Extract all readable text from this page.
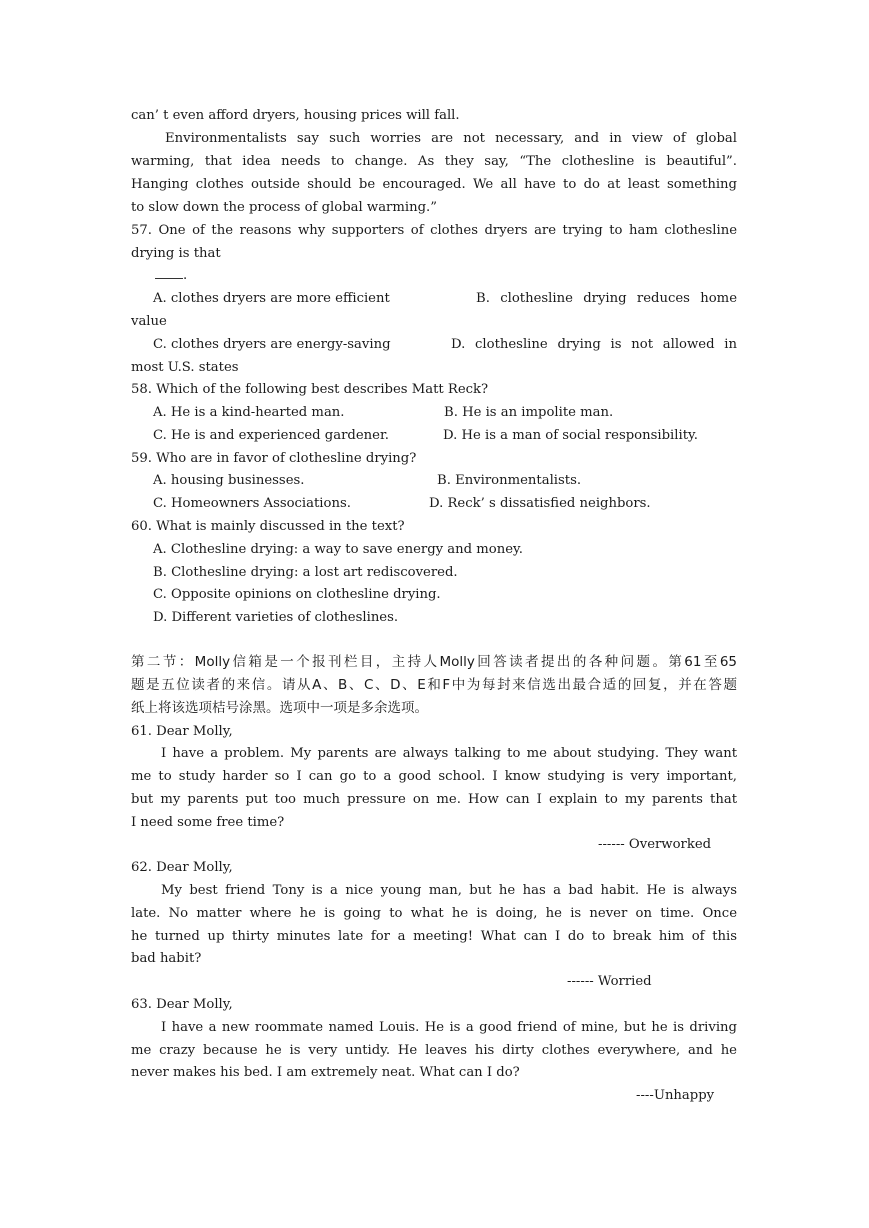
can’ t even afford dryers, housing prices will fall.
Environmentalists say such worries are not necessary, and in view of global
warming, that idea needs to change. As they say, “The clothesline is beautiful”.
Hanging clothes outside should be encouraged. We all have to do at least something
to slow down the process of global warming.”
57. One of the reasons why supporters of clothes dryers are trying to ham clothesline
drying is that
.
A. clothes dryers are more efficient	B. clothesline drying reduces home
value
C. clothes dryers are energy-saving	D. clothesline drying is not allowed in
most U.S. states
58. Which of the following best describes Matt Reck?
A. He is a kind-hearted man.	B. He is an impolite man.
C. He is and experienced gardener.	D. He is a man of social responsibility.
59. Who are in favor of clothesline drying?
A. housing businesses.	B. Environmentalists.
C. Homeowners Associations.	D. Reck’ s dissatisfied neighbors.
60. What is mainly discussed in the text?
A. Clothesline drying: a way to save energy and money.
B. Clothesline drying: a lost art rediscovered.
C. Opposite opinions on clothesline drying.
D. Different varieties of clotheslines.
第二节：Molly信箱是一个报刊栏目，主持人Molly回答读者提出的各种问题。第61至65
题是五位读者的来信。请从A、B、C、D、E和F中为每封来信选出最合适的回复，并在答题
纸上将该选项桔号涂黑。选项中一项是多余选项。
61. Dear Molly,
I have a problem. My parents are always talking to me about studying. They want
me to study harder so I can go to a good school. I know studying is very important,
but my parents put too much pressure on me. How can I explain to my parents that
I need some free time?
------ Overworked
62. Dear Molly,
My best friend Tony is a nice young man, but he has a bad habit. He is always
late. No matter where he is going to what he is doing, he is never on time. Once
he turned up thirty minutes late for a meeting! What can I do to break him of this
bad habit?
------ Worried
63. Dear Molly,
I have a new roommate named Louis. He is a good friend of mine, but he is driving
me crazy because he is very untidy. He leaves his dirty clothes everywhere, and he
never makes his bed. I am extremely neat. What can I do?
----Unhappy
